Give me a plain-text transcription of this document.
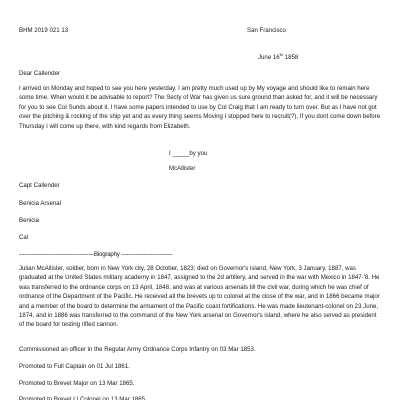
BHM 2019 021 13	San Francisco

June 16th 1858

Dear Callender

I arrived on Monday and hoped to see you here yesterday. I am pretty much used up by My voyage and should like to remain here some time. When would it be advisable to report? The Secty of War has given us sure ground than asked for, and it will be necessary for you to see Col Sunds about it. I have some papers intended to use by Col Craig that I am ready to turn over. But as I have not got over the pitching & rocking of the ship yet and as every thing seems Moving I stopped here to recruit(?), If you dont come down before Thursday I will come up there, with kind regards from Elizabeth.

I _____by you

McAllister

Capt Callender

Benicia Arsenal

Benicia

Cal

-----------------------------------------Biography ----------------------------

Julian McAllister, soldier, born in New York city, 28 October, 1823; died on Governor's island, New York, 3 January, 1887, was graduated at the United States military academy in 1847, assigned to the 2d artillery, and served in the war with Mexico in 1847-'8. He was transferred to the ordnance corps on 13 April, 1848, and was at various arsenals till the civil war, during which he was chief of ordnance of the Department of the Pacific. He received all the brevets up to colonel at the close of the war, and in 1866 became major and a member of the board to determine the armament of the Pacific coast fortifications. He was made lieutenant-colonel on 23 June, 1874, and in 1886 was transferred to the command of the New York arsenal on Governor's island, where he also served as president of the board for testing rifled cannon.

Commissioned an officer in the Regular Army Ordnance Corps Infantry on 03 Mar 1853.

Promoted to Full Captain on 01 Jul 1861.

Promoted to Brevet Major on 13 Mar 1865.

Promoted to Brevet Lt Colonel on 13 Mar 1865.
